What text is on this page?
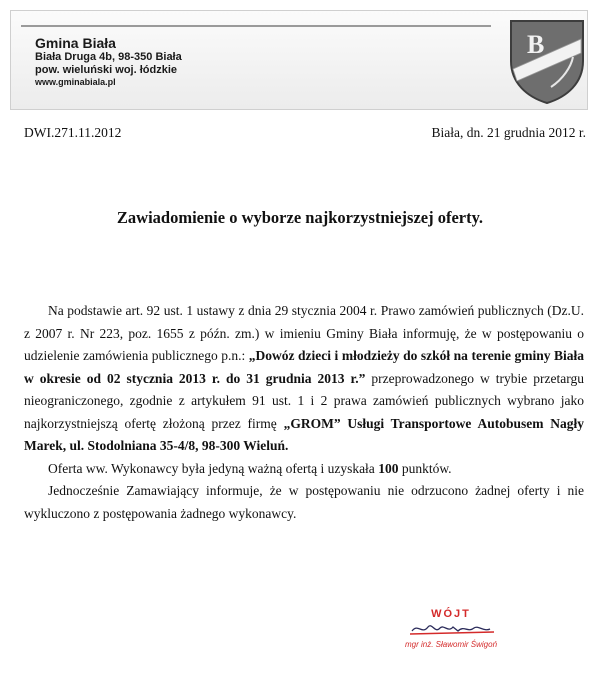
Gmina Biała
Biała Druga 4b, 98-350 Biała
pow. wieluński woj. łódzkie
www.gminabiala.pl
B
DWI.271.11.2012	Biała, dn. 21 grudnia 2012 r.
Zawiadomienie o wyborze najkorzystniejszej oferty.

Na podstawie art. 92 ust. 1 ustawy z dnia 29 stycznia 2004 r. Prawo zamówień publicznych (Dz.U. z 2007 r. Nr 223, poz. 1655 z późn. zm.) w imieniu Gminy Biała informuję, że w postępowaniu o udzielenie zamówienia publicznego p.n.: „Dowóz dzieci i młodzieży do szkół na terenie gminy Biała w okresie od 02 stycznia 2013 r. do 31 grudnia 2013 r.” przeprowadzonego w trybie przetargu nieograniczonego, zgodnie z artykułem 91 ust. 1 i 2 prawa zamówień publicznych wybrano jako najkorzystniejszą ofertę złożoną przez firmę „GROM” Usługi Transportowe Autobusem Nagły Marek, ul. Stodolniana 35-4/8, 98-300 Wieluń.

Oferta ww. Wykonawcy była jedyną ważną ofertą i uzyskała 100 punktów.

Jednocześnie Zamawiający informuje, że w postępowaniu nie odrzucono żadnej oferty i nie wykluczono z postępowania żadnego wykonawcy.

WÓJT
mgr inż. Sławomir Świgoń
